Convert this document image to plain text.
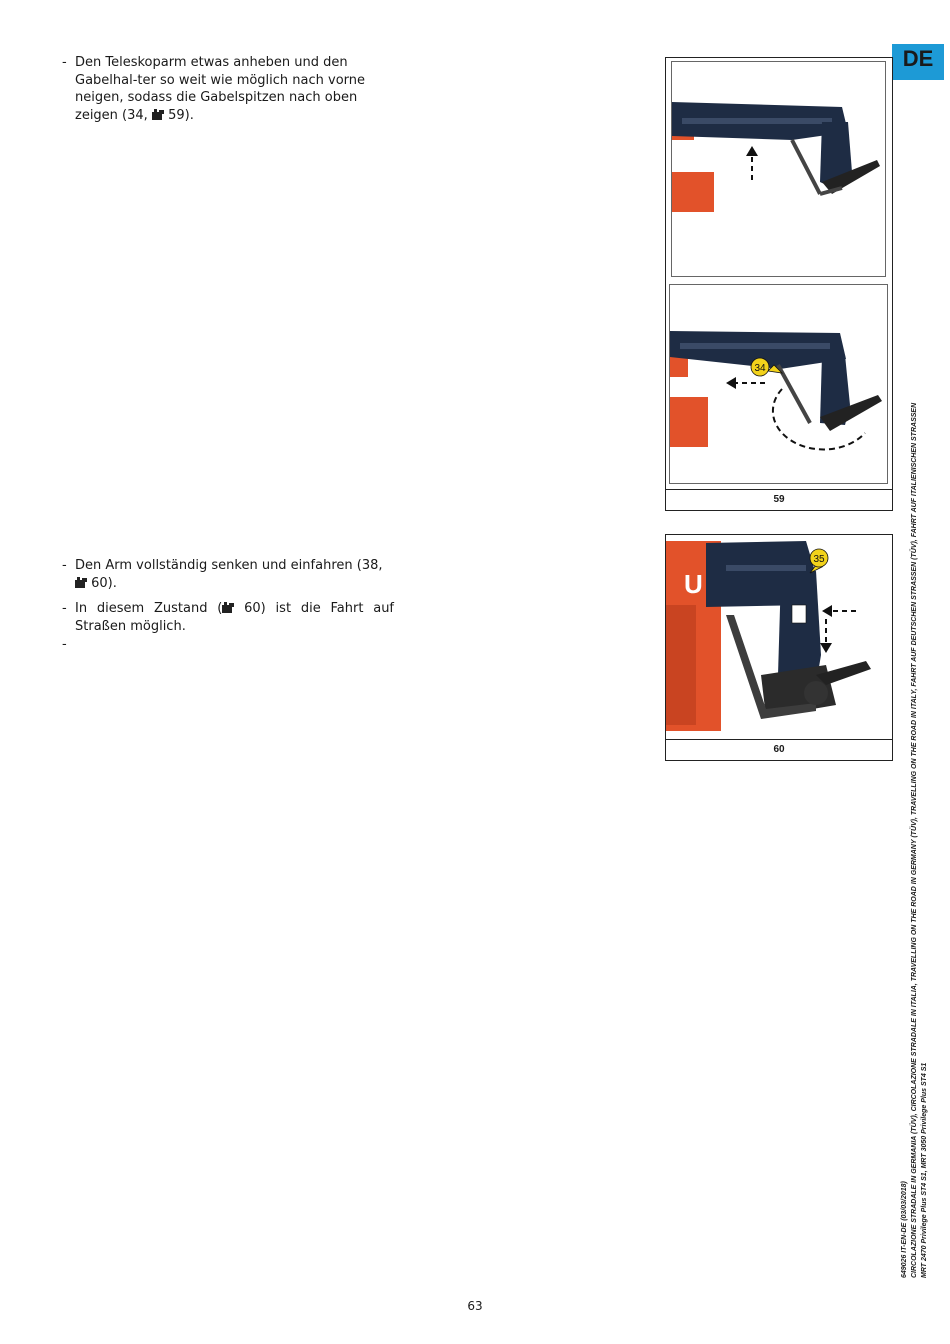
DE
- Den Teleskoparm etwas anheben und den Gabelhal-ter so weit wie möglich nach vorne neigen, sodass die Gabelspitzen nach oben zeigen (34, 59).
- Den Arm vollständig senken und einfahren (38,  60).
- In diesem Zustand ( 60) ist die Fahrt auf Straßen möglich.
-
34
59
U
35
60
649026 IT-EN-DE (03/03/2018) CIRCOLAZIONE STRADALE IN GERMANIA (TÜV), CIRCOLAZIONE STRADALE IN ITALIA, TRAVELLING ON THE ROAD IN GERMANY (TÜV), TRAVELLING ON THE ROAD IN ITALY, FAHRT AUF DEUTSCHEN STRASSEN (TÜV), FAHRT AUF ITALIENISCHEN STRASSEN MRT 2470 Privilege Plus ST4 S1, MRT 3050 Privilege Plus ST4 S1
63
